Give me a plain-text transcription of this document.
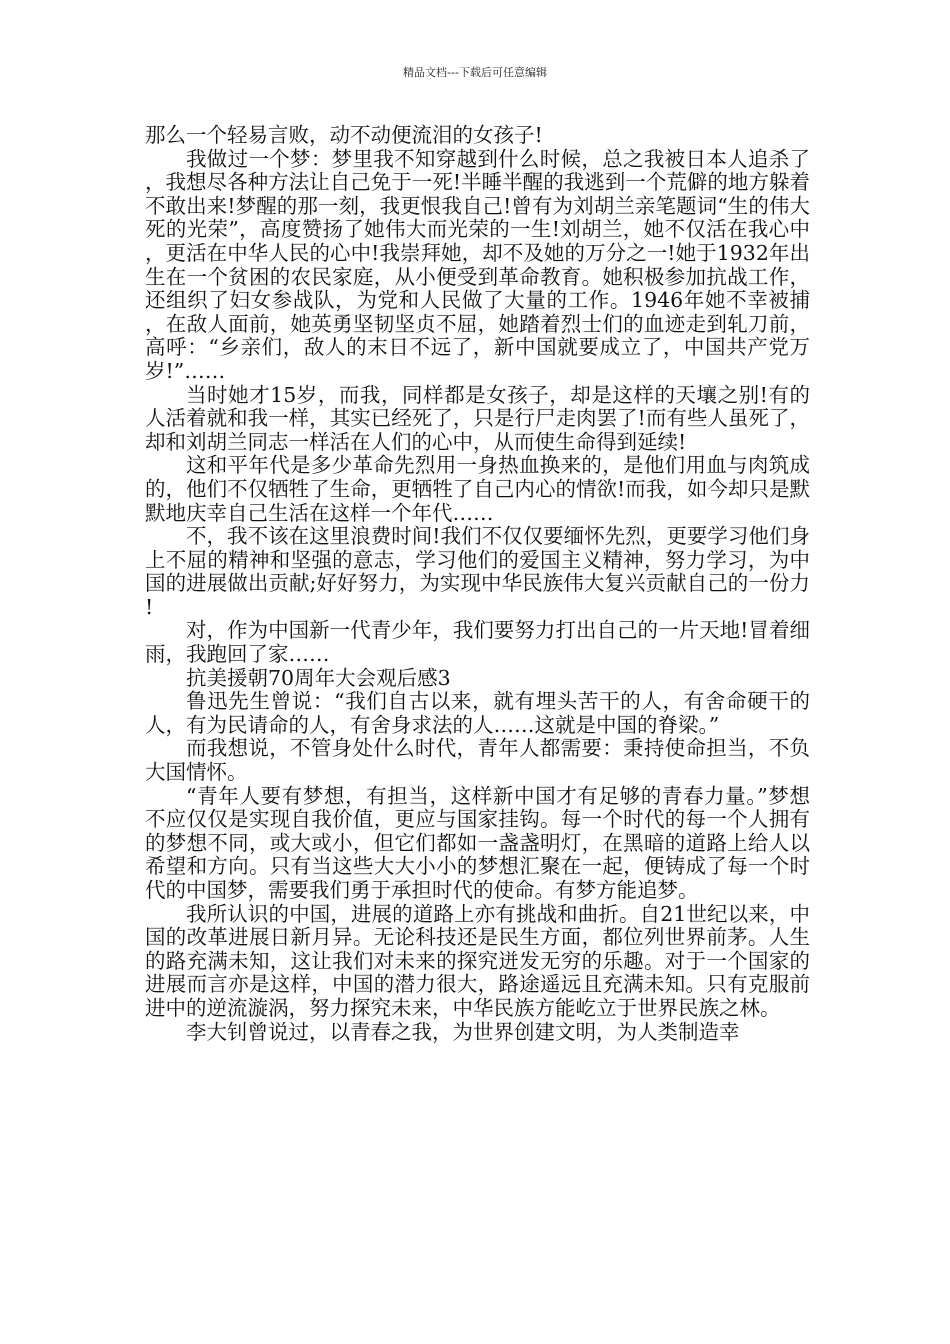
精品文档---下载后可任意编辑

那么一个轻易言败，动不动便流泪的女孩子!

我做过一个梦：梦里我不知穿越到什么时候，总之我被日本人追杀了，我想尽各种方法让自己免于一死!半睡半醒的我逃到一个荒僻的地方躲着不敢出来!梦醒的那一刻，我更恨我自己!曾有为刘胡兰亲笔题词“生的伟大死的光荣”，高度赞扬了她伟大而光荣的一生!刘胡兰，她不仅活在我心中，更活在中华人民的心中!我崇拜她，却不及她的万分之一!她于1932年出生在一个贫困的农民家庭，从小便受到革命教育。她积极参加抗战工作，还组织了妇女参战队，为党和人民做了大量的工作。1946年她不幸被捕，在敌人面前，她英勇坚韧坚贞不屈，她踏着烈士们的血迹走到轧刀前，高呼：“乡亲们，敌人的末日不远了，新中国就要成立了，中国共产党万岁!”……

当时她才15岁，而我，同样都是女孩子，却是这样的天壤之别!有的人活着就和我一样，其实已经死了，只是行尸走肉罢了!而有些人虽死了，却和刘胡兰同志一样活在人们的心中，从而使生命得到延续!

这和平年代是多少革命先烈用一身热血换来的，是他们用血与肉筑成的，他们不仅牺牲了生命，更牺牲了自己内心的情欲!而我，如今却只是默默地庆幸自己生活在这样一个年代……

不，我不该在这里浪费时间!我们不仅仅要缅怀先烈，更要学习他们身上不屈的精神和坚强的意志，学习他们的爱国主义精神，努力学习，为中国的进展做出贡献;好好努力，为实现中华民族伟大复兴贡献自己的一份力!

对，作为中国新一代青少年，我们要努力打出自己的一片天地!冒着细雨，我跑回了家……

抗美援朝70周年大会观后感3

鲁迅先生曾说：“我们自古以来，就有埋头苦干的人，有舍命硬干的人，有为民请命的人，有舍身求法的人……这就是中国的脊梁。”

而我想说，不管身处什么时代，青年人都需要：秉持使命担当，不负大国情怀。

“青年人要有梦想，有担当，这样新中国才有足够的青春力量。”梦想不应仅仅是实现自我价值，更应与国家挂钩。每一个时代的每一个人拥有的梦想不同，或大或小，但它们都如一盏盏明灯，在黑暗的道路上给人以希望和方向。只有当这些大大小小的梦想汇聚在一起，便铸成了每一个时代的中国梦，需要我们勇于承担时代的使命。有梦方能追梦。

我所认识的中国，进展的道路上亦有挑战和曲折。自21世纪以来，中国的改革进展日新月异。无论科技还是民生方面，都位列世界前茅。人生的路充满未知，这让我们对未来的探究迸发无穷的乐趣。对于一个国家的进展而言亦是这样，中国的潜力很大，路途遥远且充满未知。只有克服前进中的逆流漩涡，努力探究未来，中华民族方能屹立于世界民族之林。

李大钊曾说过，以青春之我，为世界创建文明，为人类制造幸
